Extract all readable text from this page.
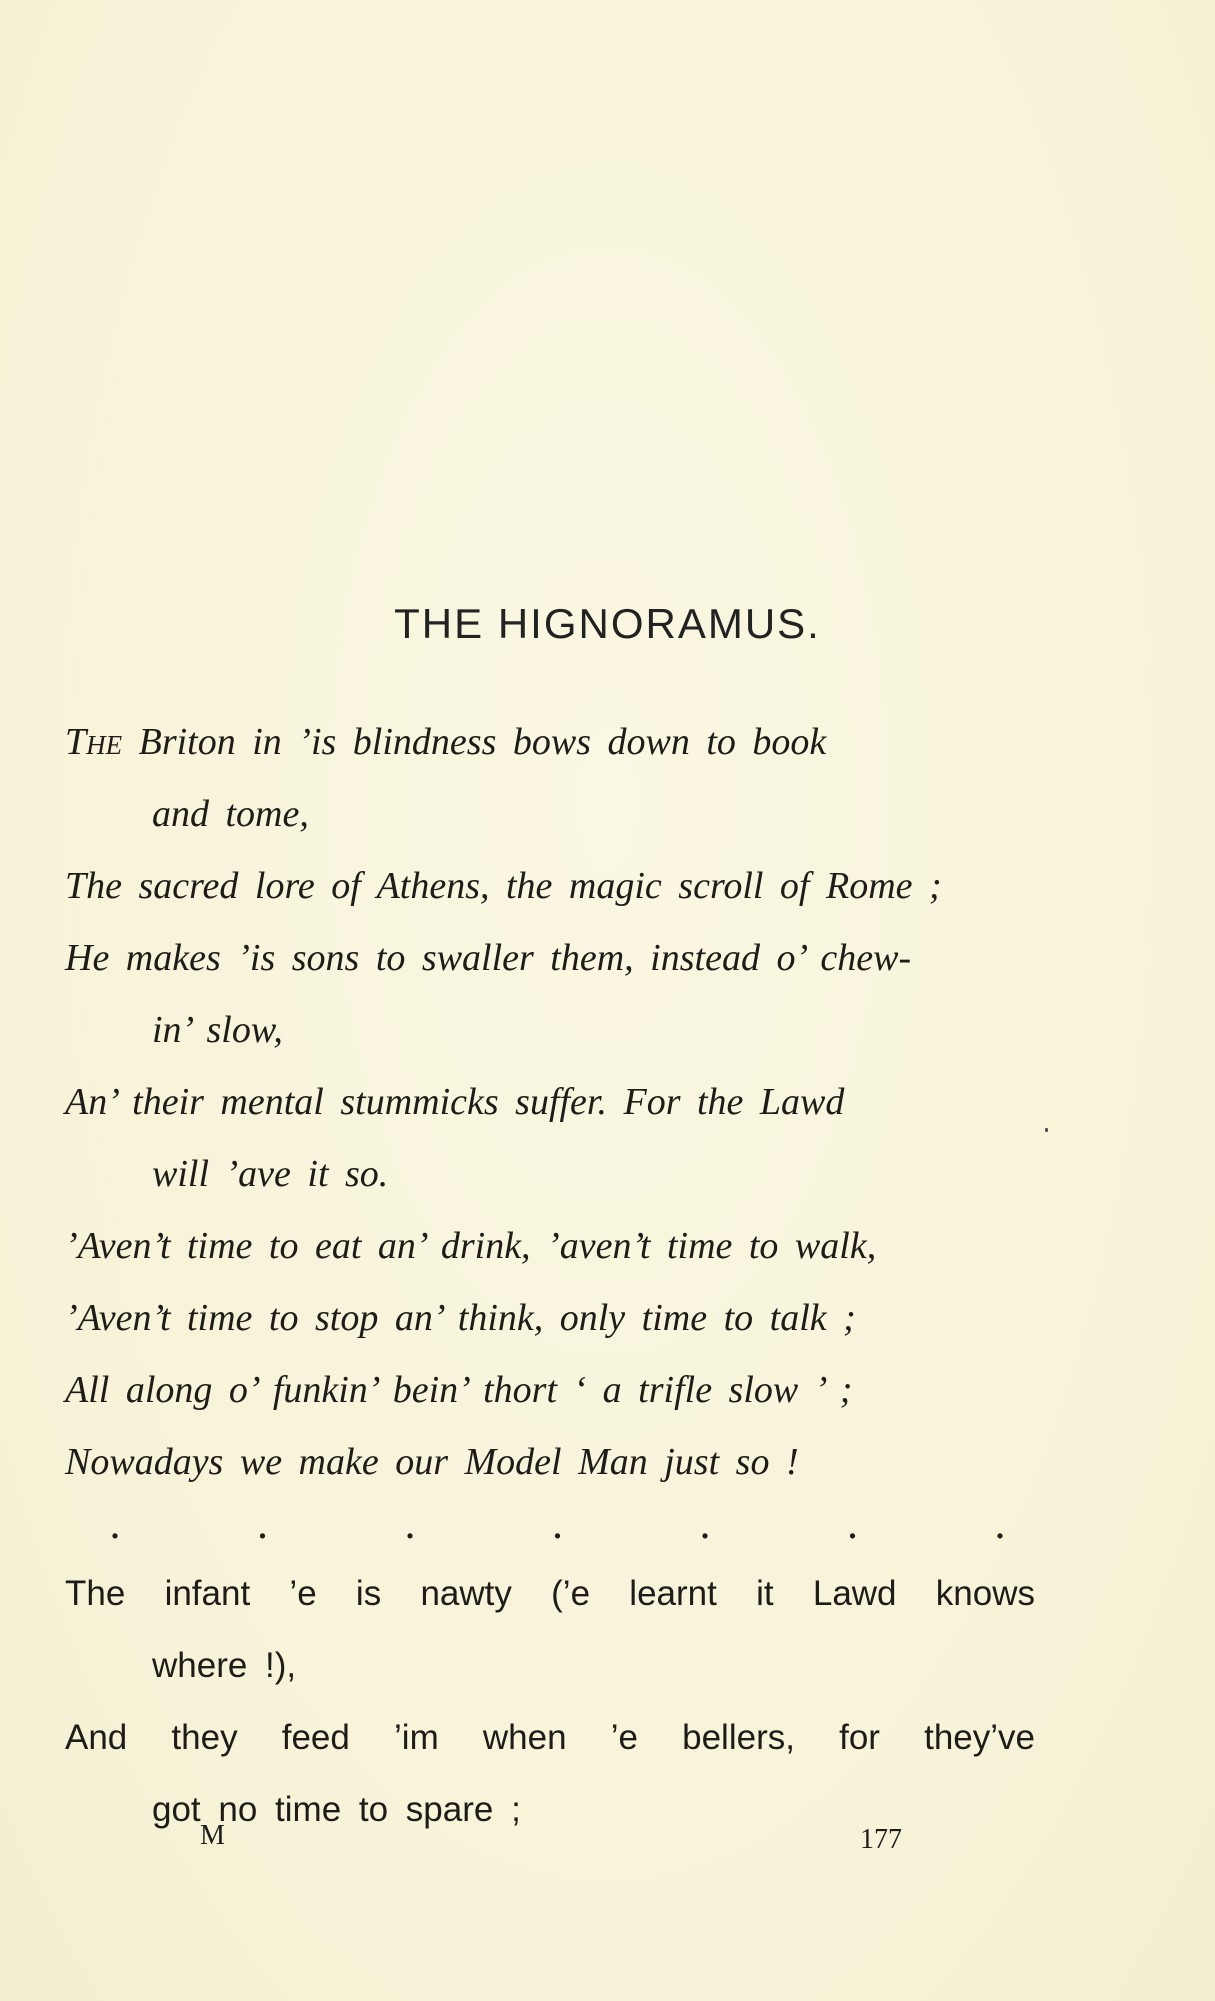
THE HIGNORAMUS.
The Briton in ’is blindness bows down to book
and tome,
The sacred lore of Athens, the magic scroll of Rome ;
He makes ’is sons to swaller them, instead o’ chew-
in’ slow,
An’ their mental stummicks suffer. For the Lawd
will ’ave it so.
’Aven’t time to eat an’ drink, ’aven’t time to walk,
’Aven’t time to stop an’ think, only time to talk ;
All along o’ funkin’ bein’ thort ‘ a trifle slow ’ ;
Nowadays we make our Model Man just so !
.	.	.	.	.	.	.
The infant ’e is nawty (’e learnt it Lawd knows
where !),
And they feed ’im when ’e bellers, for they’ve
got no time to spare ;
M	177
